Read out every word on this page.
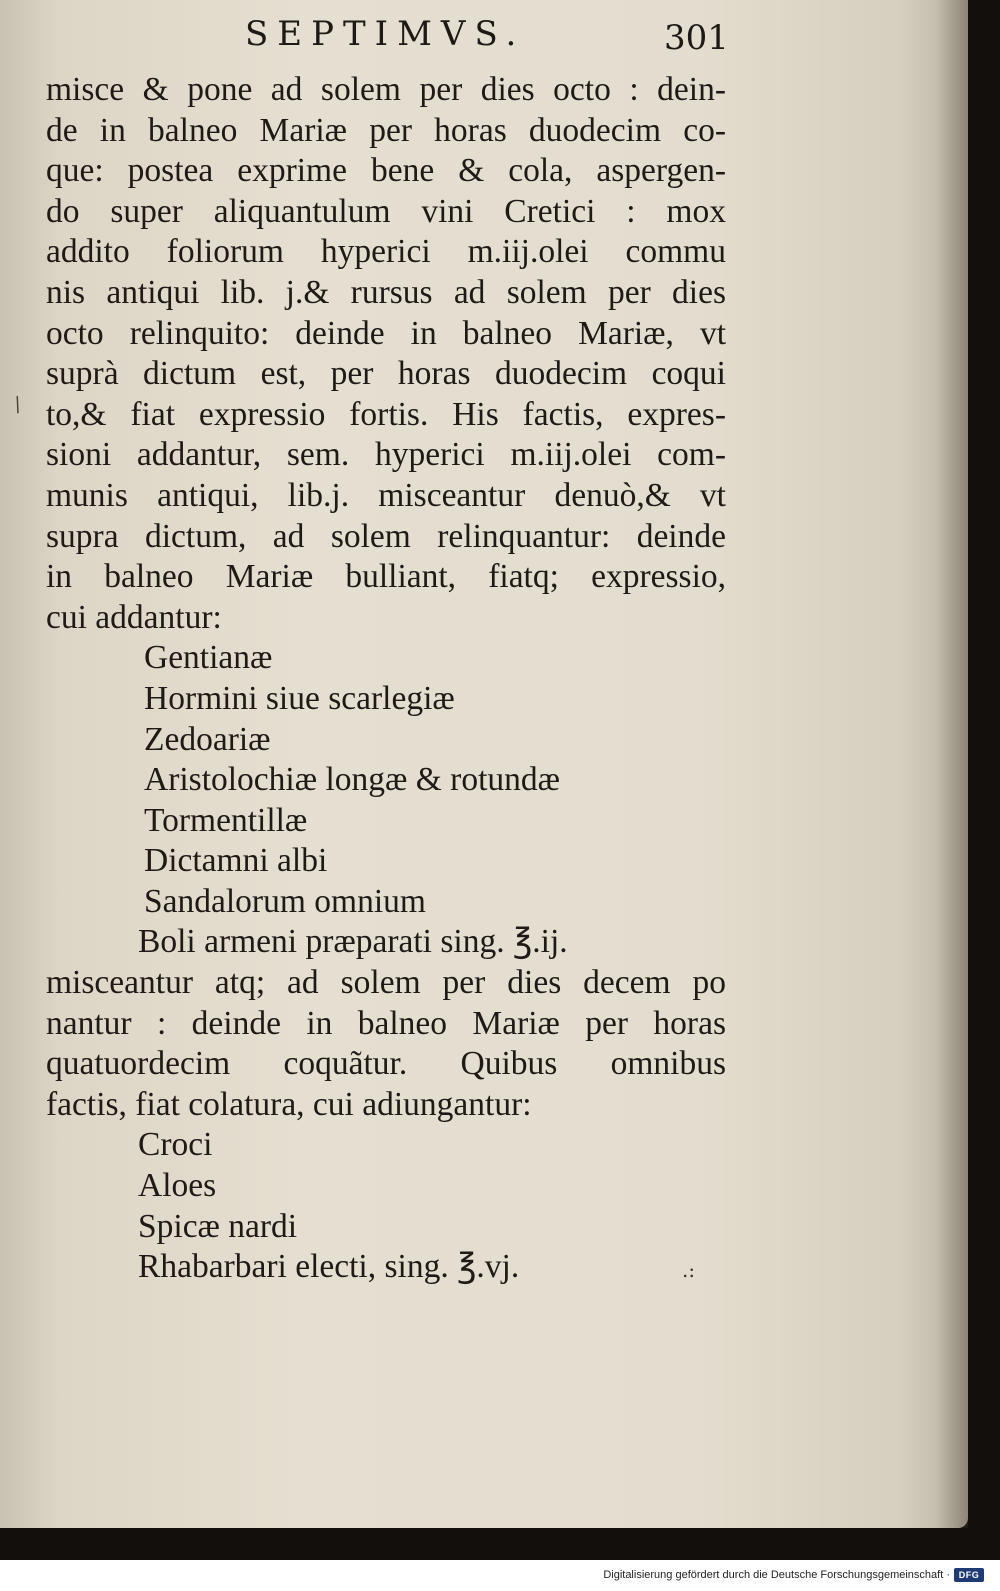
SEPTIMVS.	301
/
.:
misce & pone ad solem per dies octo : dein-
de in balneo Mariæ per horas duodecim co-
que: postea exprime bene & cola, aspergen-
do super aliquantulum vini Cretici : mox
addito foliorum hyperici m.iij.olei commu
nis antiqui lib. j.& rursus ad solem per dies
octo relinquito: deinde in balneo Mariæ, vt
suprà dictum est, per horas duodecim coqui
to,& fiat expressio fortis. His factis, expres-
sioni addantur, sem. hyperici m.iij.olei com-
munis antiqui, lib.j. misceantur denuò,& vt
supra dictum, ad solem relinquantur: deinde
in balneo Mariæ bulliant, fiatq; expressio,
cui addantur:
Gentianæ
Hormini siue scarlegiæ
Zedoariæ
Aristolochiæ longæ & rotundæ
Tormentillæ
Dictamni albi
Sandalorum omnium
Boli armeni præparati sing. ℥.ij.
misceantur atq; ad solem per dies decem po
nantur : deinde in balneo Mariæ per horas
quatuordecim coquãtur. Quibus omnibus
factis, fiat colatura, cui adiungantur:
Croci
Aloes
Spicæ nardi
Rhabarbari electi, sing. ℥.vj.
Digitalisierung gefördert durch die Deutsche Forschungsgemeinschaft · DFG
